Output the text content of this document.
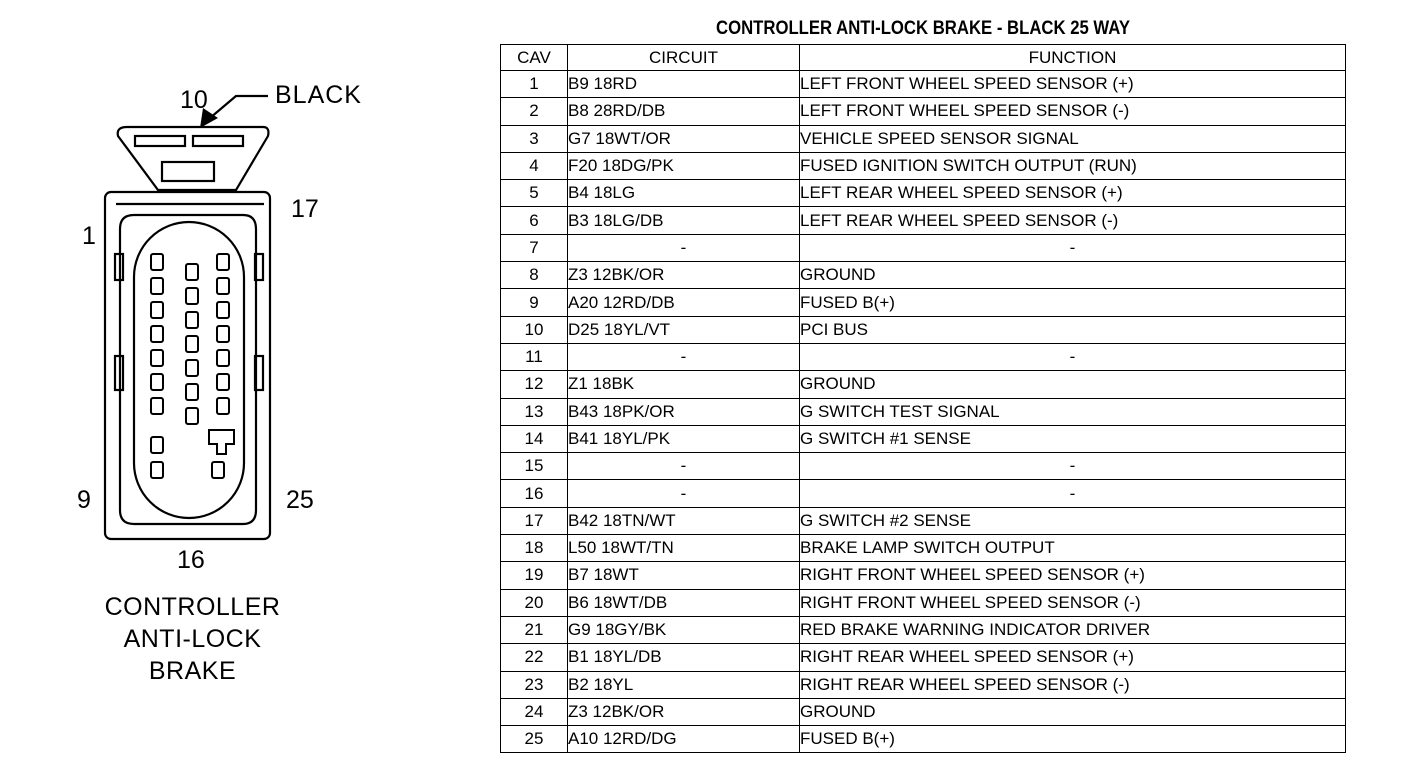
BLACK
10
1
17
9	25
16
CONTROLLER
ANTI-LOCK
BRAKE
CONTROLLER ANTI-LOCK BRAKE - BLACK 25 WAY
CAV	CIRCUIT	FUNCTION
1	B9 18RD	LEFT FRONT WHEEL SPEED SENSOR (+)
2	B8 28RD/DB	LEFT FRONT WHEEL SPEED SENSOR (-)
3	G7 18WT/OR	VEHICLE SPEED SENSOR SIGNAL
4	F20 18DG/PK	FUSED IGNITION SWITCH OUTPUT (RUN)
5	B4 18LG	LEFT REAR WHEEL SPEED SENSOR (+)
6	B3 18LG/DB	LEFT REAR WHEEL SPEED SENSOR (-)
7	-	-
8	Z3 12BK/OR	GROUND
9	A20 12RD/DB	FUSED B(+)
10	D25 18YL/VT	PCI BUS
11	-	-
12	Z1 18BK	GROUND
13	B43 18PK/OR	G SWITCH TEST SIGNAL
14	B41 18YL/PK	G SWITCH #1 SENSE
15	-	-
16	-	-
17	B42 18TN/WT	G SWITCH #2 SENSE
18	L50 18WT/TN	BRAKE LAMP SWITCH OUTPUT
19	B7 18WT	RIGHT FRONT WHEEL SPEED SENSOR (+)
20	B6 18WT/DB	RIGHT FRONT WHEEL SPEED SENSOR (-)
21	G9 18GY/BK	RED BRAKE WARNING INDICATOR DRIVER
22	B1 18YL/DB	RIGHT REAR WHEEL SPEED SENSOR (+)
23	B2 18YL	RIGHT REAR WHEEL SPEED SENSOR (-)
24	Z3 12BK/OR	GROUND
25	A10 12RD/DG	FUSED B(+)
